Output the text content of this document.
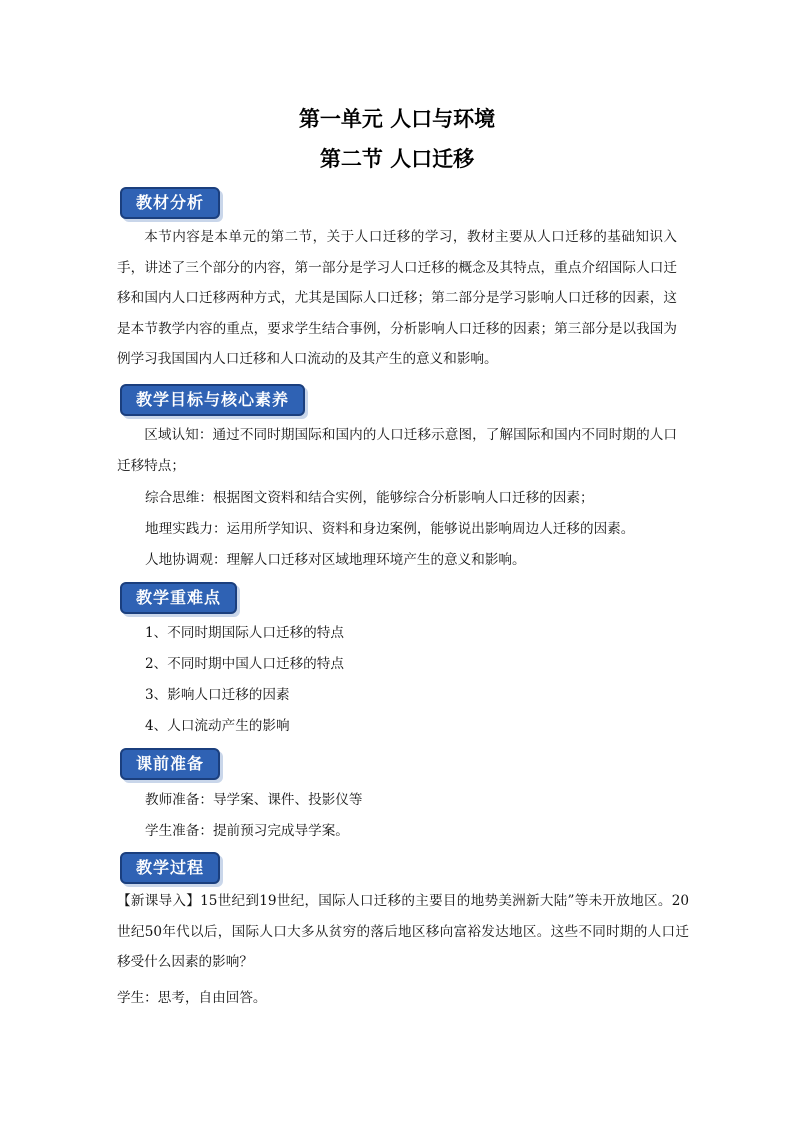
第一单元 人口与环境
第二节 人口迁移
教材分析
本节内容是本单元的第二节，关于人口迁移的学习，教材主要从人口迁移的基础知识入手，讲述了三个部分的内容，第一部分是学习人口迁移的概念及其特点，重点介绍国际人口迁移和国内人口迁移两种方式，尤其是国际人口迁移；第二部分是学习影响人口迁移的因素，这是本节教学内容的重点，要求学生结合事例，分析影响人口迁移的因素；第三部分是以我国为例学习我国国内人口迁移和人口流动的及其产生的意义和影响。
教学目标与核心素养
区域认知：通过不同时期国际和国内的人口迁移示意图，了解国际和国内不同时期的人口迁移特点；
综合思维：根据图文资料和结合实例，能够综合分析影响人口迁移的因素；
地理实践力：运用所学知识、资料和身边案例，能够说出影响周边人迁移的因素。
人地协调观：理解人口迁移对区域地理环境产生的意义和影响。
教学重难点
1、不同时期国际人口迁移的特点
2、不同时期中国人口迁移的特点
3、影响人口迁移的因素
4、人口流动产生的影响
课前准备
教师准备：导学案、课件、投影仪等
学生准备：提前预习完成导学案。
教学过程
【新课导入】15世纪到19世纪，国际人口迁移的主要目的地势美洲新大陆”等未开放地区。20世纪50年代以后，国际人口大多从贫穷的落后地区移向富裕发达地区。这些不同时期的人口迁移受什么因素的影响？
学生：思考，自由回答。
